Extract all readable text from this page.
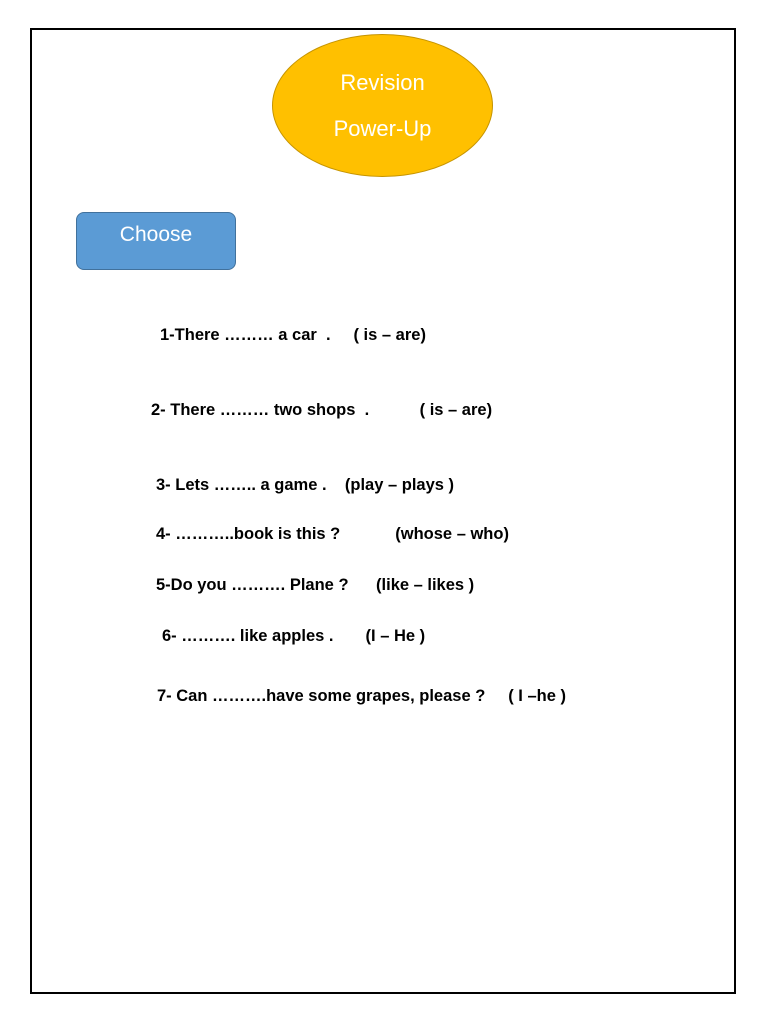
Revision
Power-Up
Choose
1-There ……… a car  .     ( is – are)
2- There ……… two shops  .           ( is – are)
3- Lets …….. a game .    (play – plays )
4- ………..book is this ?            (whose – who)
5-Do you ………. Plane ?      (like – likes )
6- ………. like apples .       (I – He )
7- Can ……….have some grapes, please ?     ( I –he )
